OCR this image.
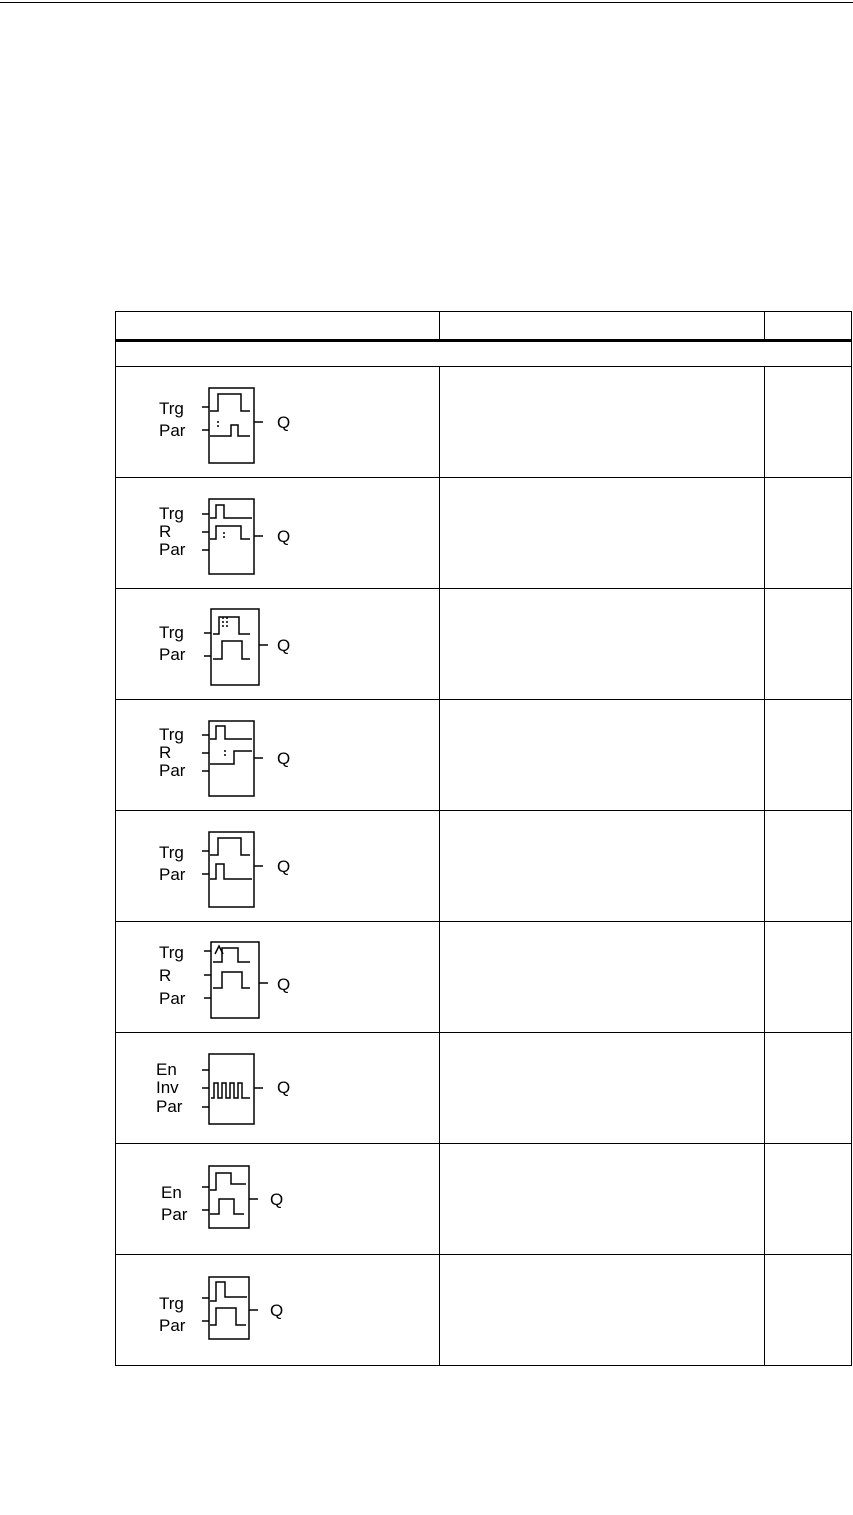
Trg
Par Q		

Trg
R
Par
Q		

Trg
Par Q		

Trg
R
Par
Q		

Trg
Par Q		

Trg
R
Par
Q		

En
Inv
Par
Q		

En
Par
Q		

Trg
Par
Q		
